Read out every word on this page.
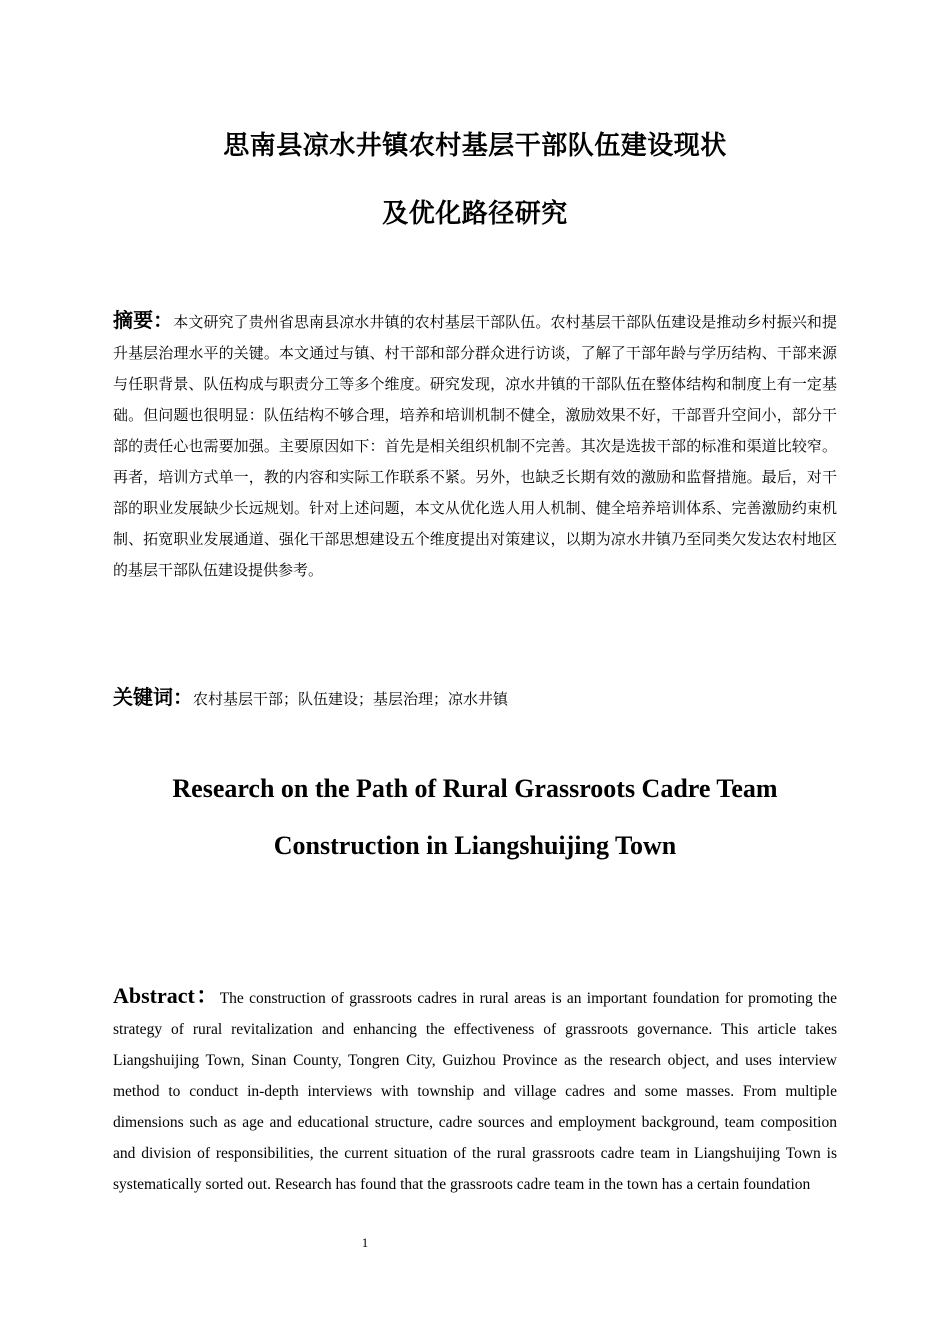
思南县凉水井镇农村基层干部队伍建设现状
及优化路径研究
摘要：本文研究了贵州省思南县凉水井镇的农村基层干部队伍。农村基层干部队伍建设是推动乡村振兴和提升基层治理水平的关键。本文通过与镇、村干部和部分群众进行访谈，了解了干部年龄与学历结构、干部来源与任职背景、队伍构成与职责分工等多个维度。研究发现，凉水井镇的干部队伍在整体结构和制度上有一定基础。但问题也很明显：队伍结构不够合理，培养和培训机制不健全，激励效果不好，干部晋升空间小，部分干部的责任心也需要加强。主要原因如下：首先是相关组织机制不完善。其次是选拔干部的标准和渠道比较窄。再者，培训方式单一，教的内容和实际工作联系不紧。另外，也缺乏长期有效的激励和监督措施。最后，对干部的职业发展缺少长远规划。针对上述问题，本文从优化选人用人机制、健全培养培训体系、完善激励约束机制、拓宽职业发展通道、强化干部思想建设五个维度提出对策建议，以期为凉水井镇乃至同类欠发达农村地区的基层干部队伍建设提供参考。
关键词：农村基层干部；队伍建设；基层治理；凉水井镇
Research on the Path of Rural Grassroots Cadre Team
Construction in Liangshuijing Town
Abstract：The construction of grassroots cadres in rural areas is an important foundation for promoting the strategy of rural revitalization and enhancing the effectiveness of grassroots governance. This article takes Liangshuijing Town, Sinan County, Tongren City, Guizhou Province as the research object, and uses interview method to conduct in-depth interviews with township and village cadres and some masses. From multiple dimensions such as age and educational structure, cadre sources and employment background, team composition and division of responsibilities, the current situation of the rural grassroots cadre team in Liangshuijing Town is systematically sorted out. Research has found that the grassroots cadre team in the town has a certain foundation
1
